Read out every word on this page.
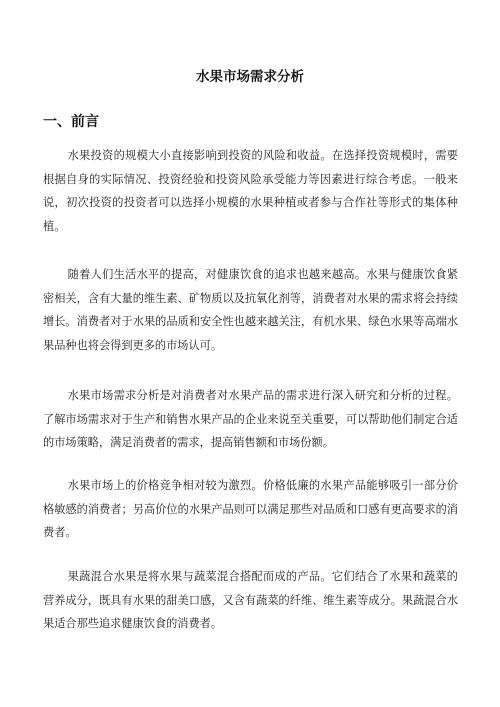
水果市场需求分析
一、前言

水果投资的规模大小直接影响到投资的风险和收益。在选择投资规模时，需要根据自身的实际情况、投资经验和投资风险承受能力等因素进行综合考虑。一般来说，初次投资的投资者可以选择小规模的水果种植或者参与合作社等形式的集体种植。

随着人们生活水平的提高，对健康饮食的追求也越来越高。水果与健康饮食紧密相关，含有大量的维生素、矿物质以及抗氧化剂等，消费者对水果的需求将会持续增长。消费者对于水果的品质和安全性也越来越关注，有机水果、绿色水果等高端水果品种也将会得到更多的市场认可。

水果市场需求分析是对消费者对水果产品的需求进行深入研究和分析的过程。了解市场需求对于生产和销售水果产品的企业来说至关重要，可以帮助他们制定合适的市场策略，满足消费者的需求，提高销售额和市场份额。

水果市场上的价格竞争相对较为激烈。价格低廉的水果产品能够吸引一部分价格敏感的消费者；另高价位的水果产品则可以满足那些对品质和口感有更高要求的消费者。

果蔬混合水果是将水果与蔬菜混合搭配而成的产品。它们结合了水果和蔬菜的营养成分，既具有水果的甜美口感，又含有蔬菜的纤维、维生素等成分。果蔬混合水果适合那些追求健康饮食的消费者。
